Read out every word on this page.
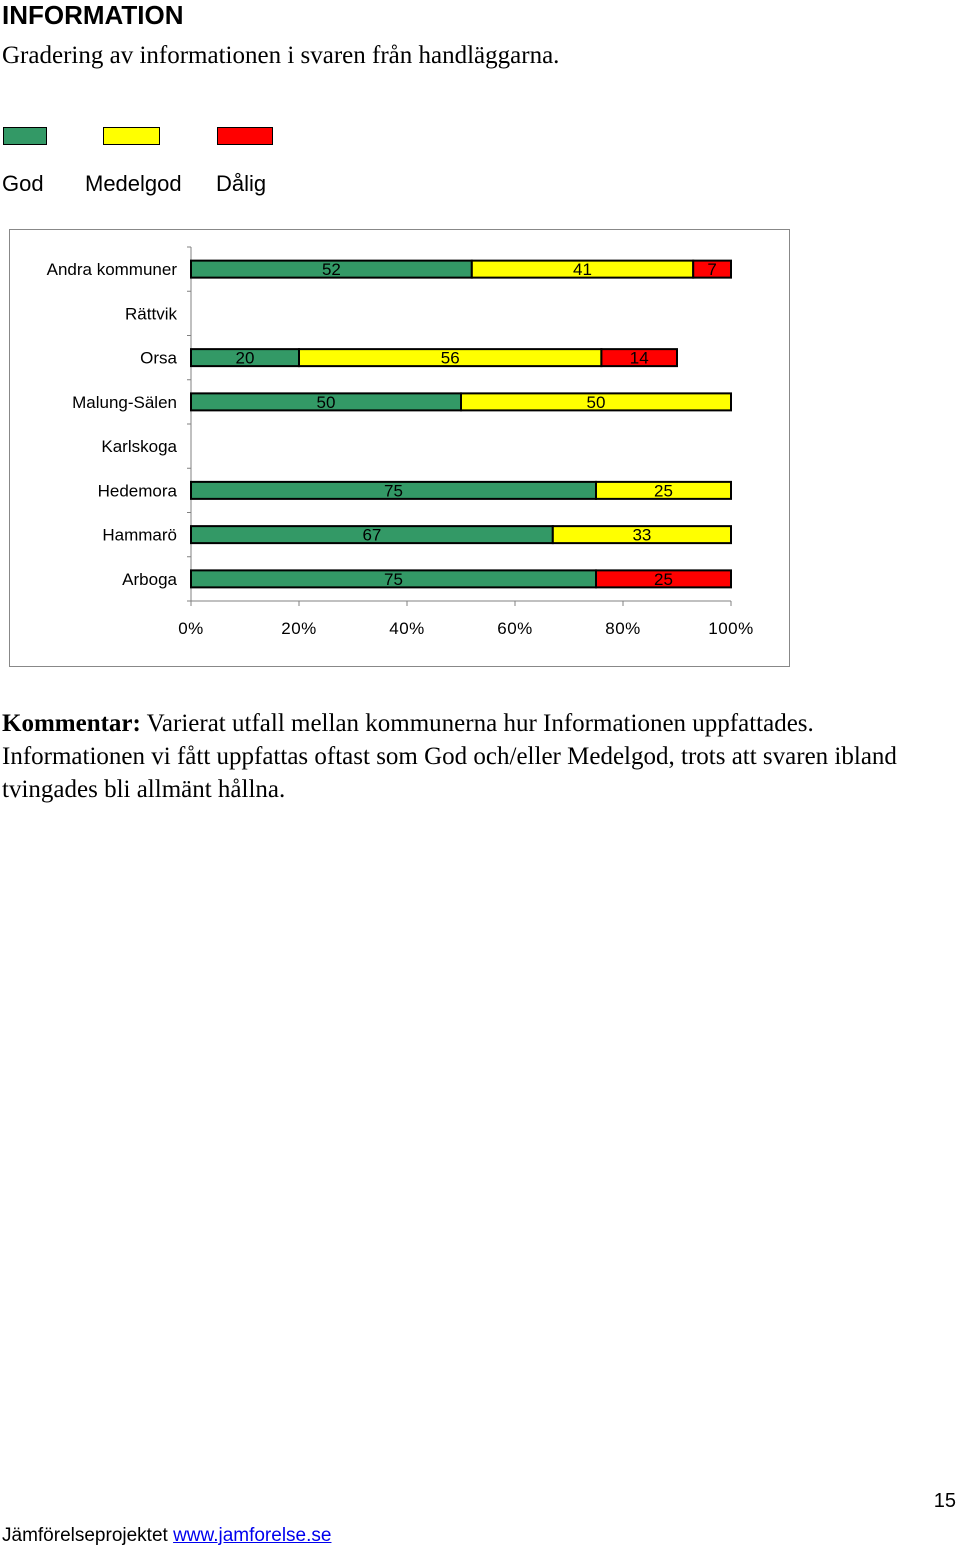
INFORMATION
Gradering av informationen i svaren från handläggarna.
God Medelgod Dålig
0%	20%	40%	60%	80%	100%
Andra kommuner	52	41	7
Rättvik
Orsa	20	56	14
Malung-Sälen	50	50
Karlskoga
Hedemora	75	25
Hammarö	67	33
Arboga	75	25
Kommentar: Varierat utfall mellan kommunerna hur Informationen uppfattades. Informationen vi fått uppfattas oftast som God och/eller Medelgod, trots att svaren ibland tvingades bli allmänt hållna.
15
Jämförelseprojektet www.jamforelse.se
